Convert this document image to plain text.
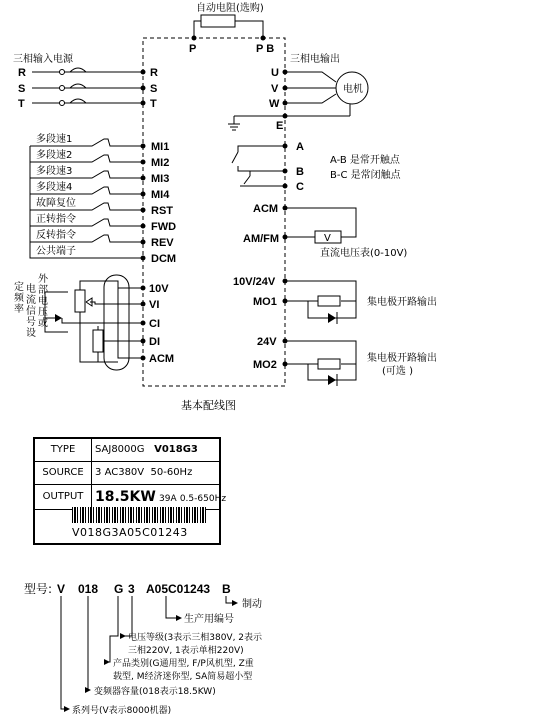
自动电阻(选购)
P	P B
三相输入电源
R
S
T
R
S
T
三相电输出
U
V
W
电机
E
多段速1
MI1
多段速2
MI2
多段速3
MI3
多段速4
MI4
故障复位
RST
正转指令
FWD
反转指令
REV
公共端子
DCM
A
B
C
A-B 是常开触点
B-C 是常闭触点
ACM
AM/FM	V
直流电压表(0-10V)
10V/24V
MO1	集电极开路输出
24V
MO2
集电极开路输出
(可选 )
10V
VI
CI
DI
ACM
定频率
电流信号设
外部电压或
基本配线图
型号: V 018 G 3 A05C01243 B
制动
生产用编号
电压等级(3表示三相380V, 2表示
三相220V, 1表示单相220V)
产品类别(G通用型, F/P风机型, Z重
载型, M经济迷你型, SA简易超小型
变频器容量(018表示18.5KW)
系列号(V表示8000机器)
TYPE	SAJ8000G V018G3
SOURCE	3 AC380V 50-60Hz
OUTPUT 18.5KW 39A 0.5-650Hz
V018G3A05C01243
